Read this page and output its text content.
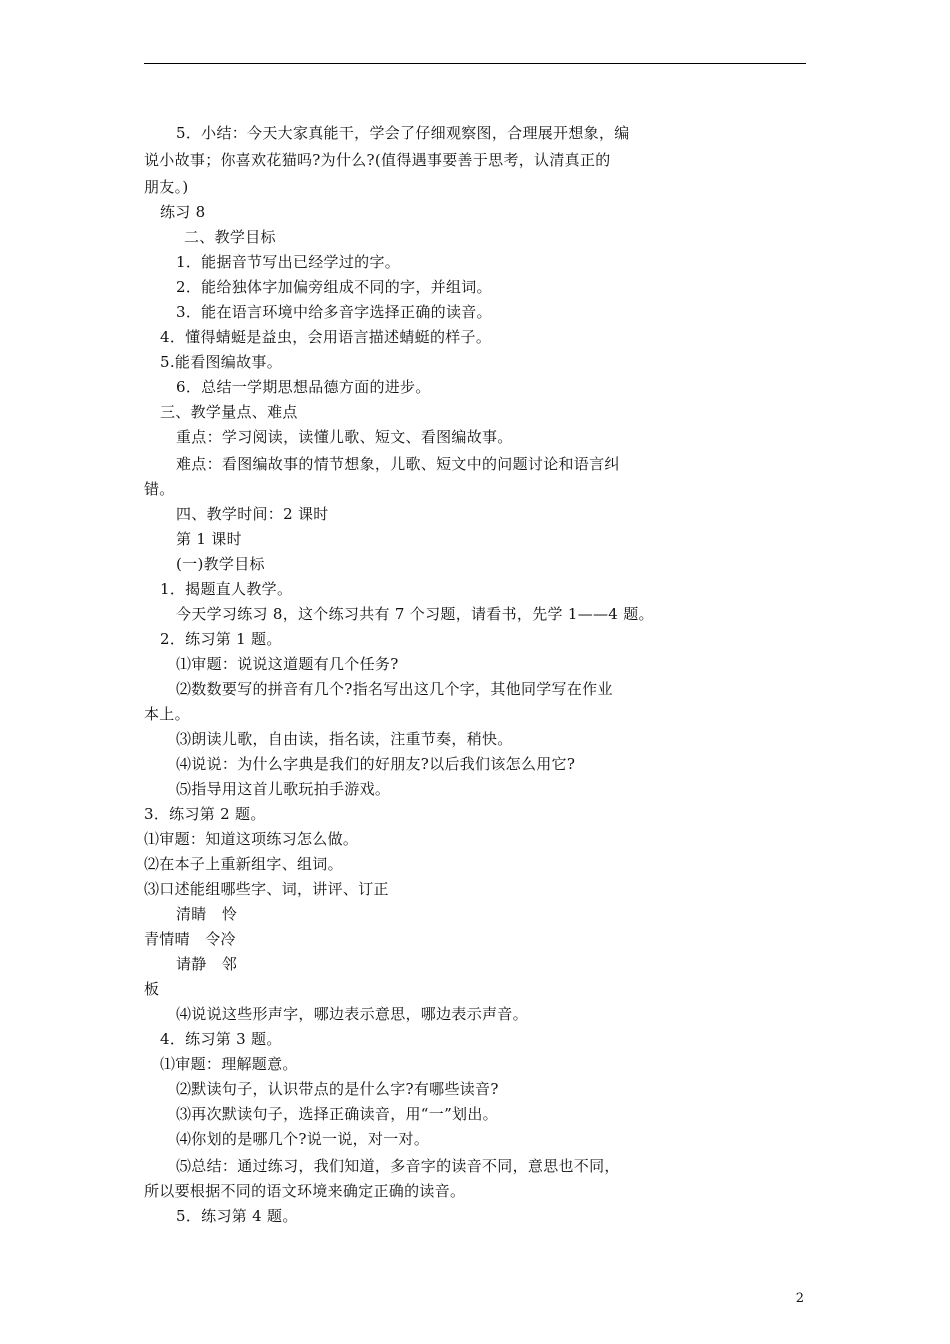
5．小结：今天大家真能干，学会了仔细观察图，合理展开想象，编
说小故事；你喜欢花猫吗?为什么?(值得遇事要善于思考，认清真正的
朋友。)
练习 8
二、教学目标
1．能据音节写出已经学过的字。
2．能给独体字加偏旁组成不同的字，并组词。
3．能在语言环境中给多音字选择正确的读音。
4．懂得蜻蜓是益虫，会用语言描述蜻蜓的样子。
5.能看图编故事。
6．总结一学期思想品德方面的进步。
三、教学量点、难点
重点：学习阅读，读懂儿歌、短文、看图编故事。
难点：看图编故事的情节想象，儿歌、短文中的问题讨论和语言纠
错。
四、教学时间：2 课时
第 1 课时
(一)教学目标
1．揭题直人教学。
今天学习练习 8，这个练习共有 7 个习题，请看书，先学 1——4 题。
2．练习第 1 题。
⑴审题：说说这道题有几个任务?
⑵数数要写的拼音有几个?指名写出这几个字，其他同学写在作业
本上。
⑶朗读儿歌，自由读，指名读，注重节奏，稍快。
⑷说说：为什么字典是我们的好朋友?以后我们该怎么用它?
⑸指导用这首儿歌玩拍手游戏。
3．练习第 2 题。
⑴审题：知道这项练习怎么做。
⑵在本子上重新组字、组词。
⑶口述能组哪些字、词，讲评、订正
清睛　怜
青情晴　令冷
请静　邻
板
⑷说说这些形声字，哪边表示意思，哪边表示声音。
4．练习第 3 题。
⑴审题：理解题意。
⑵默读句子，认识带点的是什么字?有哪些读音?
⑶再次默读句子，选择正确读音，用“一”划出。
⑷你划的是哪几个?说一说，对一对。
⑸总结：通过练习，我们知道，多音字的读音不同，意思也不同，
所以要根据不同的语文环境来确定正确的读音。
5．练习第 4 题。
2
